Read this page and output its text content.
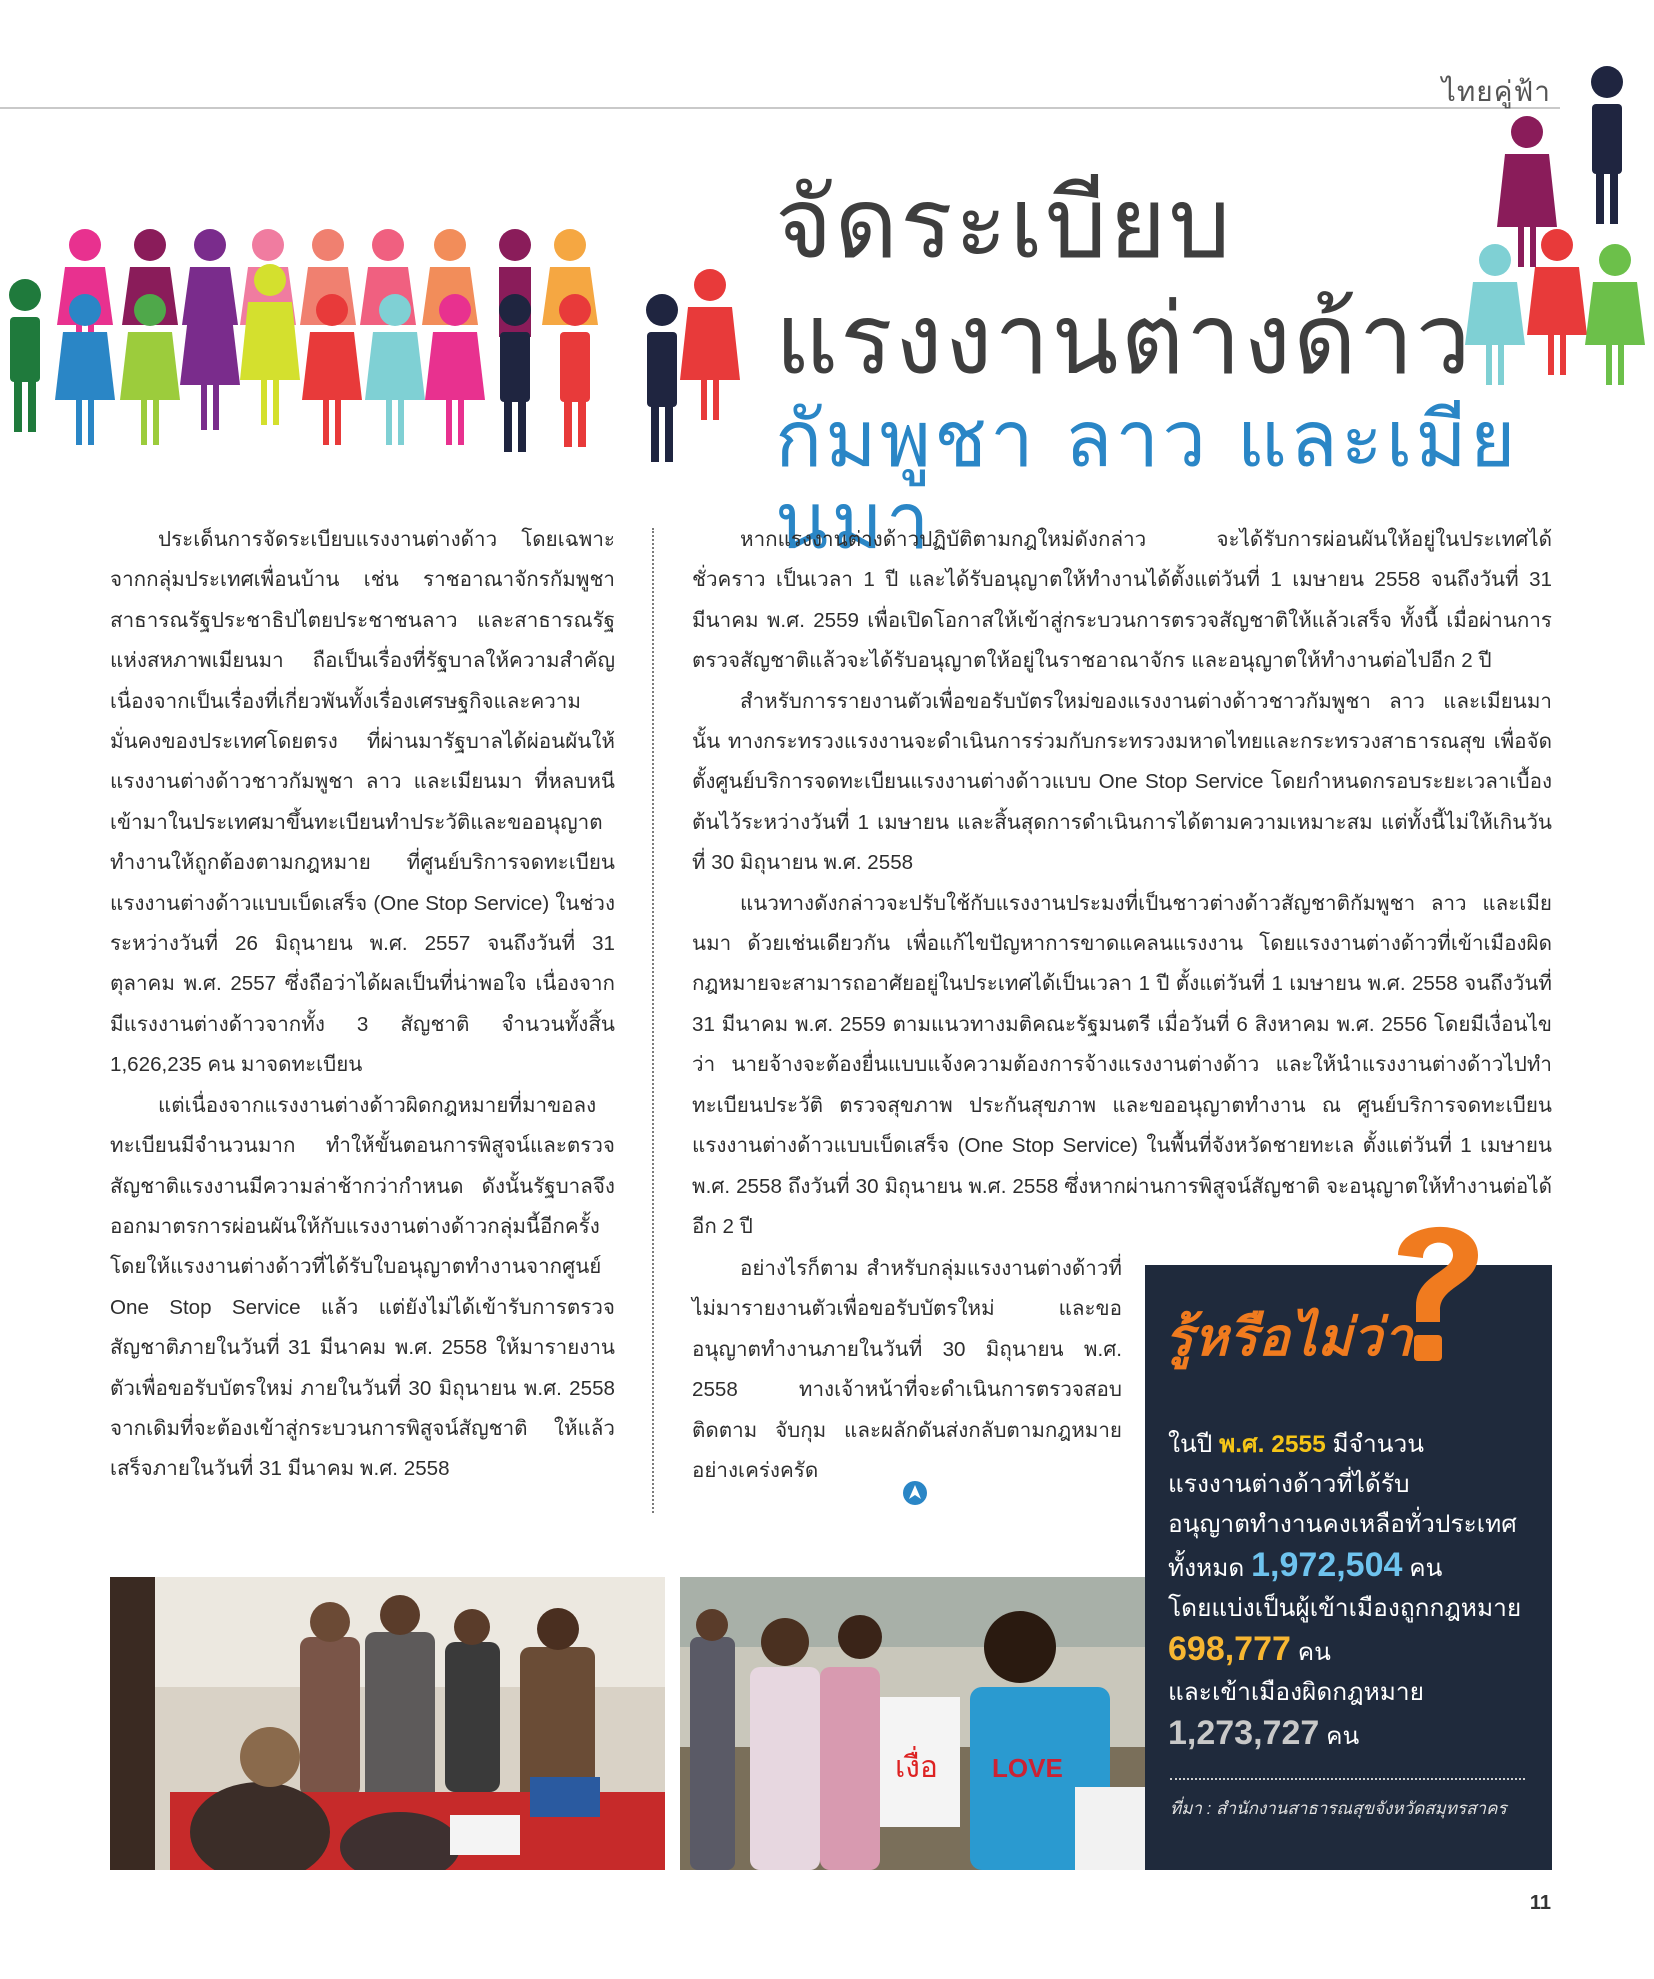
ไทยคู่ฟ้า
จัดระเบียบ
แรงงานต่างด้าว
กัมพูชา ลาว และเมียนมา

ประเด็นการจัดระเบียบแรงงานต่างด้าว โดยเฉพาะจากกลุ่มประเทศเพื่อนบ้าน เช่น ราชอาณาจักรกัมพูชา สาธารณรัฐประชาธิปไตยประชาชนลาว และสาธารณรัฐแห่งสหภาพเมียนมา ถือเป็นเรื่องที่รัฐบาลให้ความสำคัญเนื่องจากเป็นเรื่องที่เกี่ยวพันทั้งเรื่องเศรษฐกิจและความมั่นคงของประเทศโดยตรง ที่ผ่านมารัฐบาลได้ผ่อนผันให้แรงงานต่างด้าวชาวกัมพูชา ลาว และเมียนมา ที่หลบหนีเข้ามาในประเทศมาขึ้นทะเบียนทำประวัติและขออนุญาตทำงานให้ถูกต้องตามกฎหมาย ที่ศูนย์บริการจดทะเบียนแรงงานต่างด้าวแบบเบ็ดเสร็จ (One Stop Service) ในช่วงระหว่างวันที่ 26 มิถุนายน พ.ศ. 2557 จนถึงวันที่ 31 ตุลาคม พ.ศ. 2557 ซึ่งถือว่าได้ผลเป็นที่น่าพอใจ เนื่องจากมีแรงงานต่างด้าวจากทั้ง 3 สัญชาติ จำนวนทั้งสิ้น 1,626,235 คน มาจดทะเบียน

แต่เนื่องจากแรงงานต่างด้าวผิดกฎหมายที่มาขอลงทะเบียนมีจำนวนมาก ทำให้ขั้นตอนการพิสูจน์และตรวจสัญชาติแรงงานมีความล่าช้ากว่ากำหนด ดังนั้นรัฐบาลจึงออกมาตรการผ่อนผันให้กับแรงงานต่างด้าวกลุ่มนี้อีกครั้ง โดยให้แรงงานต่างด้าวที่ได้รับใบอนุญาตทำงานจากศูนย์ One Stop Service แล้ว แต่ยังไม่ได้เข้ารับการตรวจสัญชาติภายในวันที่ 31 มีนาคม พ.ศ. 2558 ให้มารายงานตัวเพื่อขอรับบัตรใหม่ ภายในวันที่ 30 มิถุนายน พ.ศ. 2558 จากเดิมที่จะต้องเข้าสู่กระบวนการพิสูจน์สัญชาติ ให้แล้วเสร็จภายในวันที่ 31 มีนาคม พ.ศ. 2558

หากแรงงานต่างด้าวปฏิบัติตามกฎใหม่ดังกล่าว จะได้รับการผ่อนผันให้อยู่ในประเทศได้ชั่วคราว เป็นเวลา 1 ปี และได้รับอนุญาตให้ทำงานได้ตั้งแต่วันที่ 1 เมษายน 2558 จนถึงวันที่ 31 มีนาคม พ.ศ. 2559 เพื่อเปิดโอกาสให้เข้าสู่กระบวนการตรวจสัญชาติให้แล้วเสร็จ ทั้งนี้ เมื่อผ่านการตรวจสัญชาติแล้วจะได้รับอนุญาตให้อยู่ในราชอาณาจักร และอนุญาตให้ทำงานต่อไปอีก 2 ปี

สำหรับการรายงานตัวเพื่อขอรับบัตรใหม่ของแรงงานต่างด้าวชาวกัมพูชา ลาว และเมียนมานั้น ทางกระทรวงแรงงานจะดำเนินการร่วมกับกระทรวงมหาดไทยและกระทรวงสาธารณสุข เพื่อจัดตั้งศูนย์บริการจดทะเบียนแรงงานต่างด้าวแบบ One Stop Service โดยกำหนดกรอบระยะเวลาเบื้องต้นไว้ระหว่างวันที่ 1 เมษายน และสิ้นสุดการดำเนินการได้ตามความเหมาะสม แต่ทั้งนี้ไม่ให้เกินวันที่ 30 มิถุนายน พ.ศ. 2558

แนวทางดังกล่าวจะปรับใช้กับแรงงานประมงที่เป็นชาวต่างด้าวสัญชาติกัมพูชา ลาว และเมียนมา ด้วยเช่นเดียวกัน เพื่อแก้ไขปัญหาการขาดแคลนแรงงาน โดยแรงงานต่างด้าวที่เข้าเมืองผิดกฎหมายจะสามารถอาศัยอยู่ในประเทศได้เป็นเวลา 1 ปี ตั้งแต่วันที่ 1 เมษายน พ.ศ. 2558 จนถึงวันที่ 31 มีนาคม พ.ศ. 2559 ตามแนวทางมติคณะรัฐมนตรี เมื่อวันที่ 6 สิงหาคม พ.ศ. 2556 โดยมีเงื่อนไขว่า นายจ้างจะต้องยื่นแบบแจ้งความต้องการจ้างแรงงานต่างด้าว และให้นำแรงงานต่างด้าวไปทำทะเบียนประวัติ ตรวจสุขภาพ ประกันสุขภาพ และขออนุญาตทำงาน ณ ศูนย์บริการจดทะเบียนแรงงานต่างด้าวแบบเบ็ดเสร็จ (One Stop Service) ในพื้นที่จังหวัดชายทะเล ตั้งแต่วันที่ 1 เมษายน พ.ศ. 2558 ถึงวันที่ 30 มิถุนายน พ.ศ. 2558 ซึ่งหากผ่านการพิสูจน์สัญชาติ จะอนุญาตให้ทำงานต่อได้อีก 2 ปี

อย่างไรก็ตาม สำหรับกลุ่มแรงงานต่างด้าวที่ไม่มารายงานตัวเพื่อขอรับบัตรใหม่ และขออนุญาตทำงานภายในวันที่ 30 มิถุนายน พ.ศ. 2558 ทางเจ้าหน้าที่จะดำเนินการตรวจสอบติดตาม จับกุม และผลักดันส่งกลับตามกฎหมายอย่างเคร่งครัด

รู้หรือไม่ว่า
ในปี พ.ศ. 2555 มีจำนวน
แรงงานต่างด้าวที่ได้รับ
อนุญาตทำงานคงเหลือทั่วประเทศ
ทั้งหมด 1,972,504 คน
โดยแบ่งเป็นผู้เข้าเมืองถูกกฎหมาย
698,777 คน
และเข้าเมืองผิดกฎหมาย
1,273,727 คน
ที่มา : สำนักงานสาธารณสุขจังหวัดสมุทรสาคร
เงื่อ LOVE
11
